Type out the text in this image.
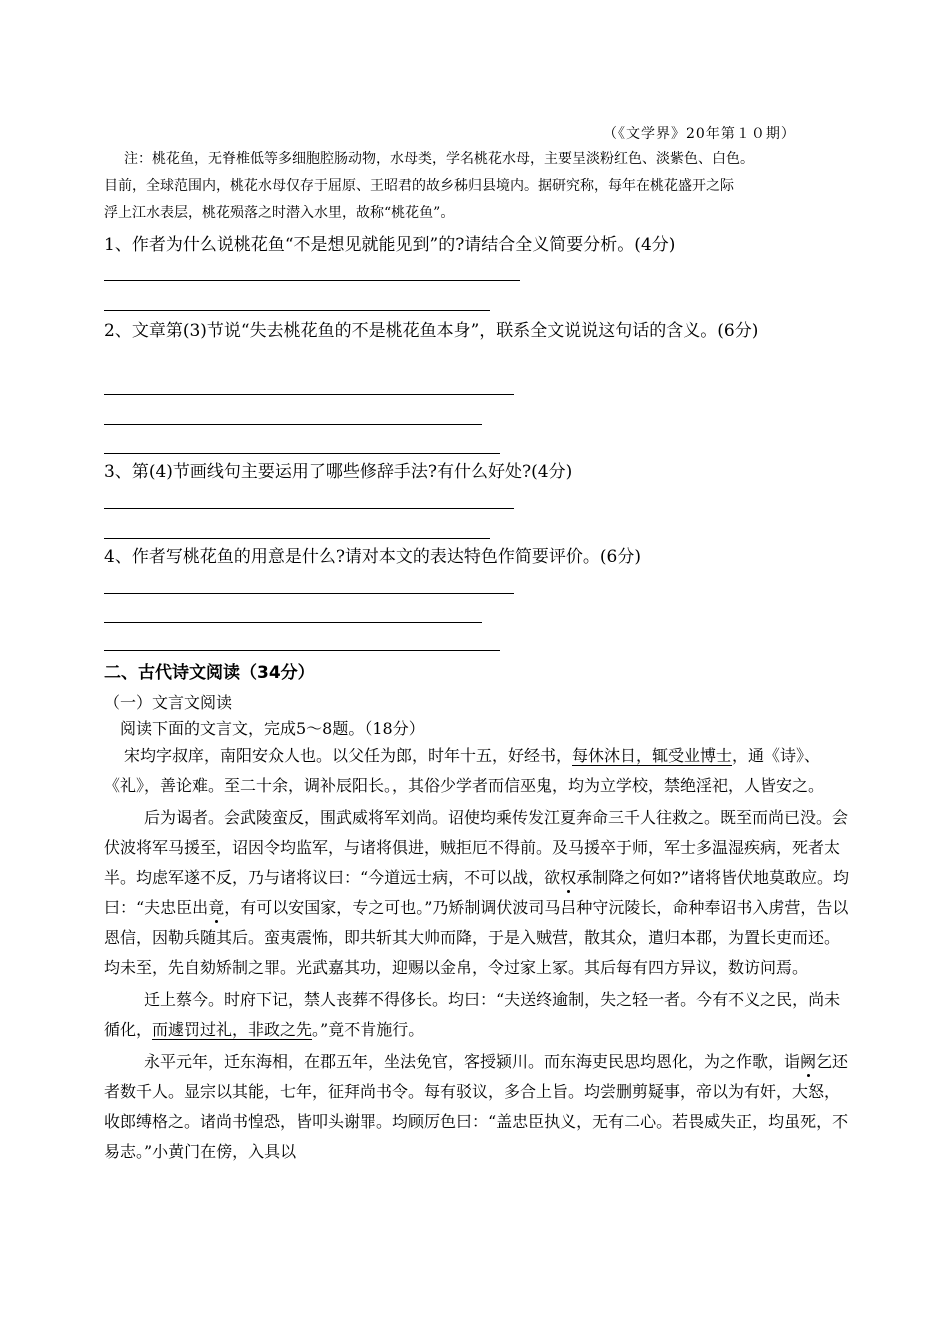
（《文学界》20年第１０期）

注：桃花鱼，无脊椎低等多细胞腔肠动物，水母类，学名桃花水母，主要呈淡粉红色、淡紫色、白色。

目前，全球范围内，桃花水母仅存于屈原、王昭君的故乡秭归县境内。据研究称，每年在桃花盛开之际

浮上江水表层，桃花殒落之时潜入水里，故称“桃花鱼”。

1、作者为什么说桃花鱼“不是想见就能见到”的?请结合全义简要分析。(4分)
2、文章第(3)节说“失去桃花鱼的不是桃花鱼本身”，联系全文说说这句话的含义。(6分)
3、第(4)节画线句主要运用了哪些修辞手法?有什么好处?(4分)
4、作者写桃花鱼的用意是什么?请对本文的表达特色作简要评价。(6分)
二、古代诗文阅读（34分）
（一）文言文阅读
阅读下面的文言文，完成5～8题。（18分）

宋均字叔庠，南阳安众人也。以父任为郎，时年十五，好经书，每休沐日，辄受业博士，通《诗》、《礼》，善论难。至二十余，调补辰阳长。，其俗少学者而信巫鬼，均为立学校，禁绝淫祀，人皆安之。

后为谒者。会武陵蛮反，围武威将军刘尚。诏使均乘传发江夏奔命三千人往救之。既至而尚已没。会伏波将军马援至，诏因令均监军，与诸将俱进，贼拒厄不得前。及马援卒于师，军士多温湿疾病，死者太半。均虑军遂不反，乃与诸将议曰：“今道远士病，不可以战，欲权承制降之何如?”诸将皆伏地莫敢应。均曰：“夫忠臣出竟，有可以安国家，专之可也。”乃矫制调伏波司马吕种守沅陵长，命种奉诏书入虏营，告以恩信，因勒兵随其后。蛮夷震怖，即共斩其大帅而降，于是入贼营，散其众，遣归本郡，为置长吏而还。均未至，先自劾矫制之罪。光武嘉其功，迎赐以金帛，令过家上冢。其后每有四方异议，数访问焉。

迁上蔡今。时府下记，禁人丧葬不得侈长。均曰：“夫送终逾制，失之轻一者。今有不义之民，尚未循化，而遽罚过礼，非政之先。”竟不肯施行。

永平元年，迁东海相，在郡五年，坐法免官，客授颍川。而东海吏民思均恩化，为之作歌，诣阙乞还者数千人。显宗以其能，七年，征拜尚书令。每有驳议，多合上旨。均尝删剪疑事，帝以为有奸，大怒，收郎缚格之。诸尚书惶恐，皆叩头谢罪。均顾厉色曰：“盖忠臣执义，无有二心。若畏威失正，均虽死，不易志。”小黄门在傍，入具以
